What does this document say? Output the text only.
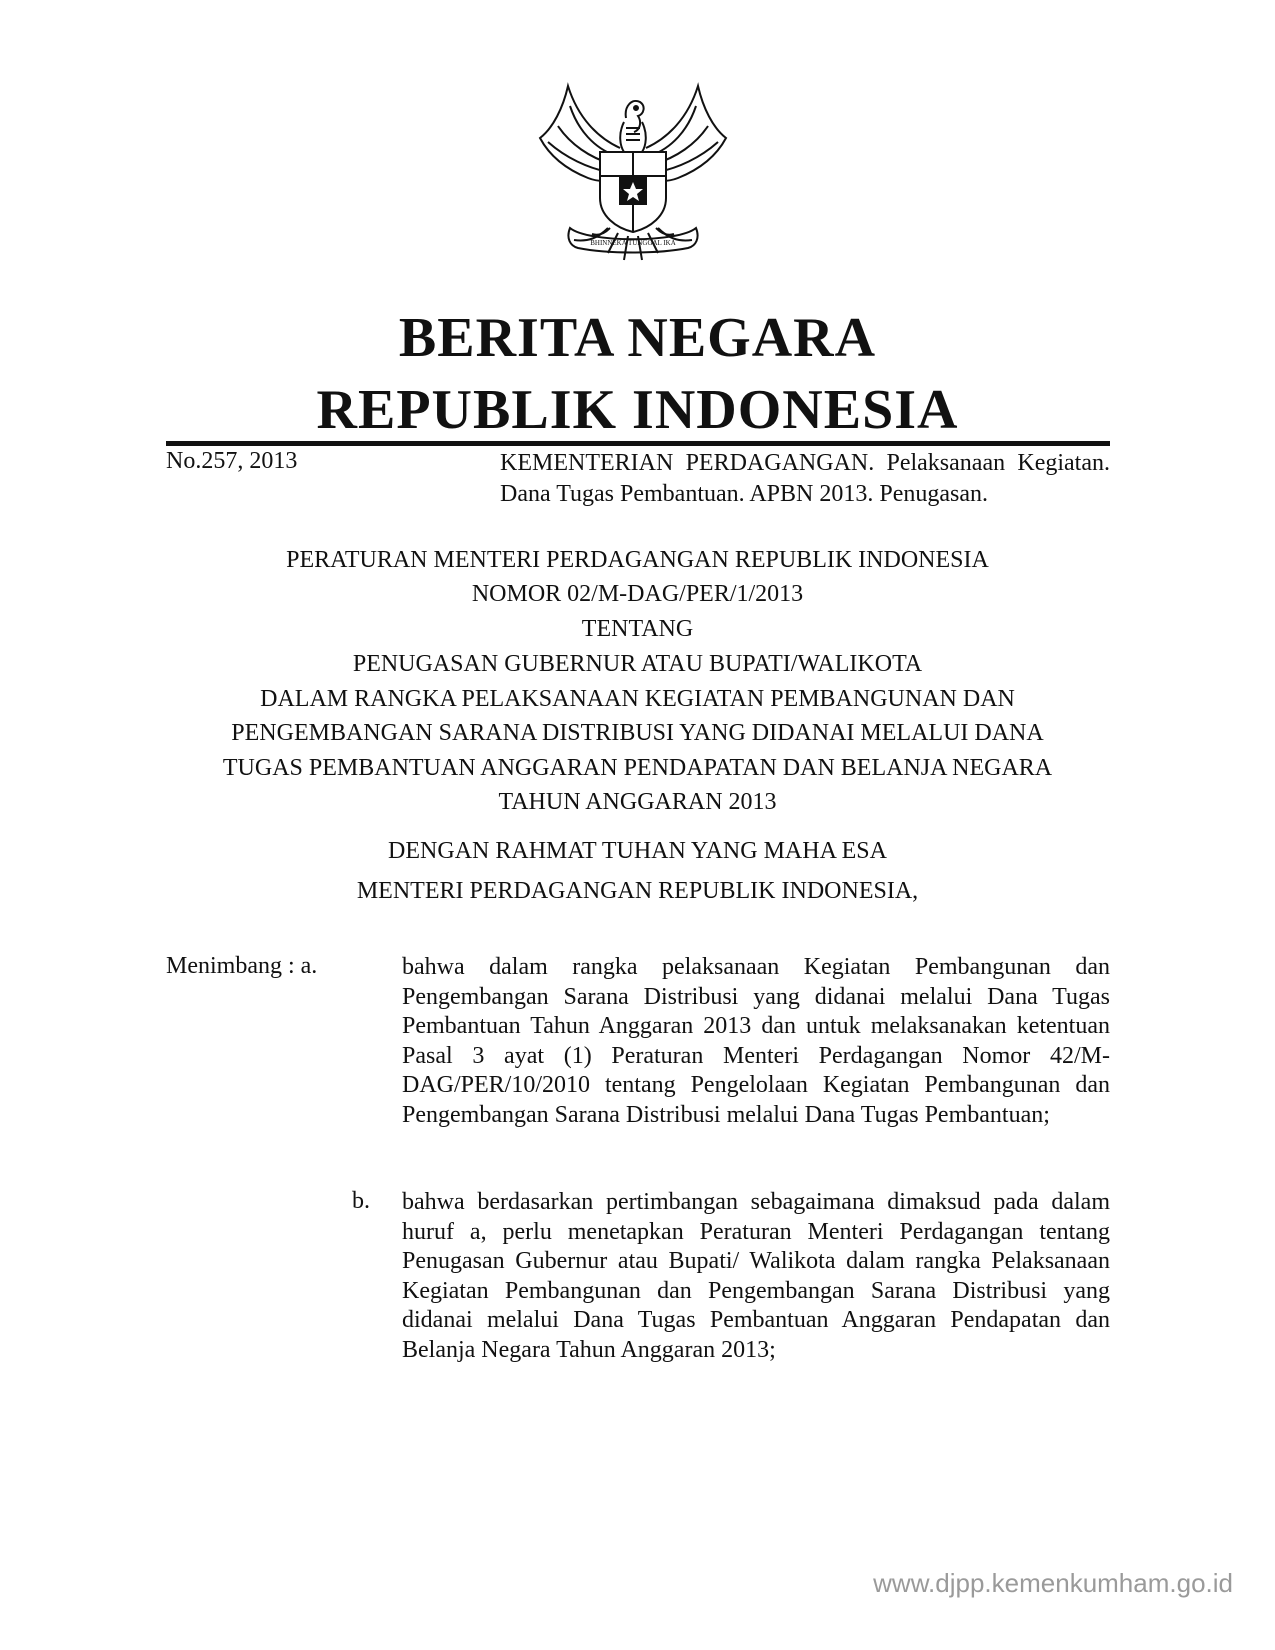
BHINNEKA TUNGGAL IKA
BERITA NEGARA
REPUBLIK INDONESIA
No.257, 2013	KEMENTERIAN PERDAGANGAN. Pelaksanaan Kegiatan. Dana Tugas Pembantuan. APBN 2013. Penugasan.
PERATURAN MENTERI PERDAGANGAN REPUBLIK INDONESIA
NOMOR 02/M-DAG/PER/1/2013
TENTANG
PENUGASAN GUBERNUR ATAU BUPATI/WALIKOTA
DALAM RANGKA PELAKSANAAN KEGIATAN PEMBANGUNAN DAN
PENGEMBANGAN SARANA DISTRIBUSI YANG DIDANAI MELALUI DANA
TUGAS PEMBANTUAN ANGGARAN PENDAPATAN DAN BELANJA NEGARA
TAHUN ANGGARAN 2013
DENGAN RAHMAT TUHAN YANG MAHA ESA
MENTERI PERDAGANGAN REPUBLIK INDONESIA,
Menimbang : a.	bahwa dalam rangka pelaksanaan Kegiatan Pembangunan dan Pengembangan Sarana Distribusi yang didanai melalui Dana Tugas Pembantuan Tahun Anggaran 2013 dan untuk melaksanakan ketentuan Pasal 3 ayat (1) Peraturan Menteri Perdagangan Nomor 42/M-DAG/PER/10/2010 tentang Pengelolaan Kegiatan Pembangunan dan Pengembangan Sarana Distribusi melalui Dana Tugas Pembantuan;
b. bahwa berdasarkan pertimbangan sebagaimana dimaksud pada dalam huruf a, perlu menetapkan Peraturan Menteri Perdagangan tentang Penugasan Gubernur atau Bupati/ Walikota dalam rangka Pelaksanaan Kegiatan Pembangunan dan Pengembangan Sarana Distribusi yang didanai melalui Dana Tugas Pembantuan Anggaran Pendapatan dan Belanja Negara Tahun Anggaran 2013;
www.djpp.kemenkumham.go.id
